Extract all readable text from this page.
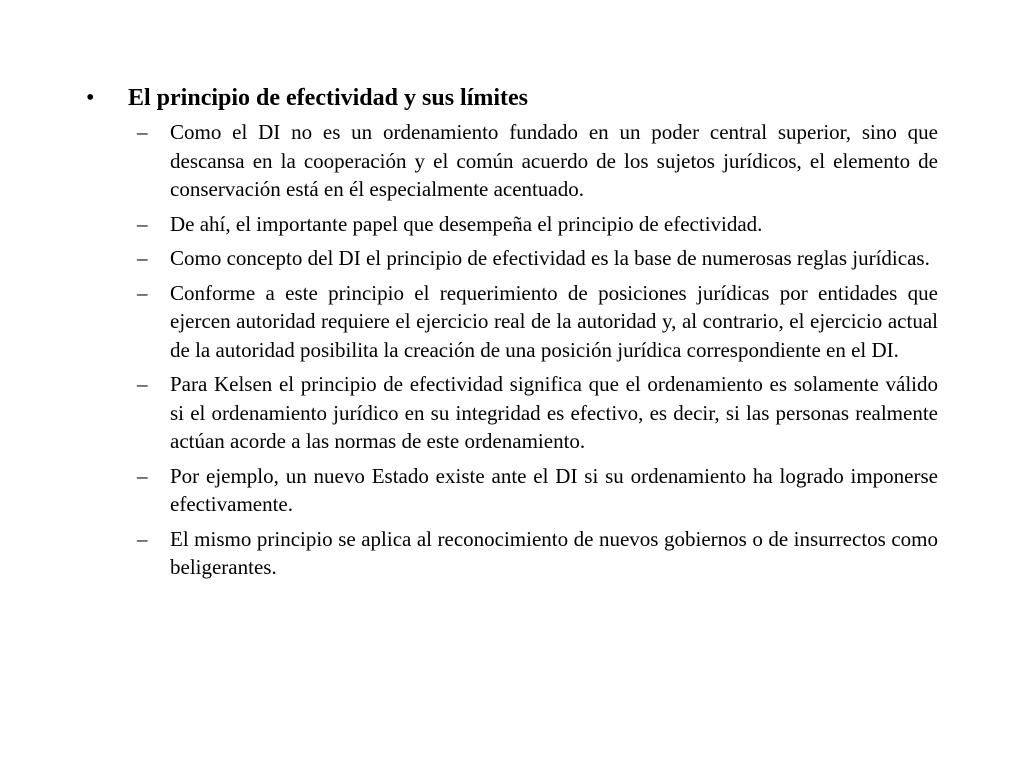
•	El principio de efectividad y sus límites
–	Como el DI no es un ordenamiento fundado en un poder central superior, sino que descansa en la cooperación y el común acuerdo de los sujetos jurídicos, el elemento de conservación está en él especialmente acentuado.
–	De ahí, el importante papel que desempeña el principio de efectividad.
–	Como concepto del DI el principio de efectividad es la base de numerosas reglas jurídicas.
–	Conforme a este principio el requerimiento de posiciones jurídicas por entidades que ejercen autoridad requiere el ejercicio real de la autoridad y, al contrario, el ejercicio actual de la autoridad posibilita la creación de una posición jurídica correspondiente en el DI.
–	Para Kelsen el principio de efectividad significa que el ordenamiento es solamente válido si el ordenamiento jurídico en su integridad es efectivo, es decir, si las personas realmente actúan acorde a las normas de este ordenamiento.
–	Por ejemplo, un nuevo Estado existe ante el DI si su ordenamiento ha logrado imponerse efectivamente.
–	El mismo principio se aplica al reconocimiento de nuevos gobiernos o de insurrectos como beligerantes.
